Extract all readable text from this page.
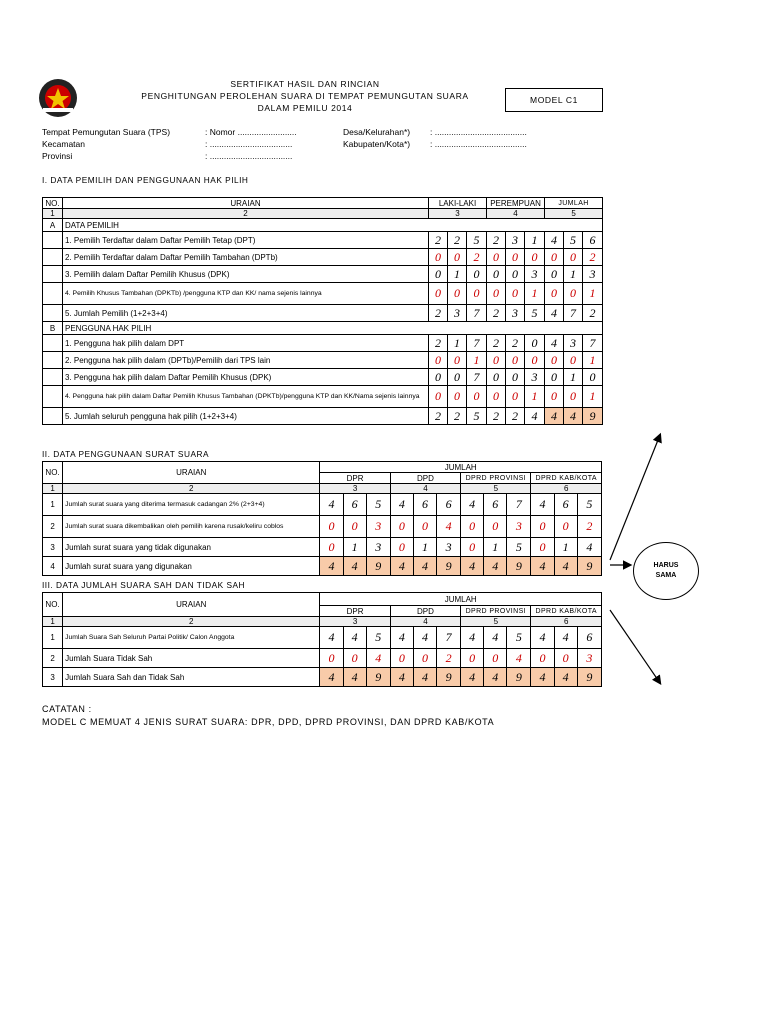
SERTIFIKAT HASIL DAN RINCIAN
PENGHITUNGAN PEROLEHAN SUARA DI TEMPAT PEMUNGUTAN SUARA
DALAM PEMILU 2014
MODEL C1
Tempat Pemungutan Suara (TPS)	: Nomor .........................
Kecamatan	: ...................................
Provinsi	: ...................................
Desa/Kelurahan*) : .......................................
Kabupaten/Kota*) : .......................................
I. DATA PEMILIH DAN PENGGUNAAN HAK PILIH
NO.	URAIAN	LAKI-LAKI			PEREMPUAN			JUMLAH		
1	2	3			4			5		
A	DATA PEMILIH									
	1. Pemilih Terdaftar dalam Daftar Pemilih Tetap (DPT)	2	2	5	2	3	1	4	5	6
	2. Pemilih Terdaftar dalam Daftar Pemilih Tambahan (DPTb)	0	0	2	0	0	0	0	0	2
	3. Pemilih dalam Daftar Pemilih Khusus (DPK)	0	1	0	0	0	3	0	1	3
	4. Pemilih Khusus Tambahan (DPKTb) /pengguna KTP dan KK/ nama sejenis lainnya	0	0	0	0	0	1	0	0	1
	5. Jumlah Pemilih (1+2+3+4)	2	3	7	2	3	5	4	7	2
B	PENGGUNA HAK PILIH									
	1. Pengguna hak pilih dalam DPT	2	1	7	2	2	0	4	3	7
	2. Pengguna hak pilih dalam (DPTb)/Pemilih dari TPS lain	0	0	1	0	0	0	0	0	1
	3. Pengguna hak pilih dalam Daftar Pemilih Khusus (DPK)	0	0	7	0	0	3	0	1	0
	4. Pengguna hak pilih dalam Daftar Pemilih Khusus Tambahan (DPKTb)/pengguna KTP dan KK/Nama sejenis lainnya	0	0	0	0	0	1	0	0	1
	5. Jumlah seluruh pengguna hak pilih (1+2+3+4)	2	2	5	2	2	4	4	4	9
II. DATA PENGGUNAAN SURAT SUARA
NO.	URAIAN	JUMLAH											
		DPR			DPD			DPRD PROVINSI			DPRD KAB/KOTA		
1	2	3			4			5			6		
1	Jumlah surat suara yang diterima termasuk cadangan 2% (2+3+4)	4	6	5	4	6	6	4	6	7	4	6	5
2	Jumlah surat suara dikembalikan oleh pemilih karena rusak/keliru coblos	0	0	3	0	0	4	0	0	3	0	0	2
3	Jumlah surat suara yang tidak digunakan	0	1	3	0	1	3	0	1	5	0	1	4
4	Jumlah surat suara yang digunakan	4	4	9	4	4	9	4	4	9	4	4	9
III. DATA JUMLAH SUARA SAH DAN TIDAK SAH
NO.	URAIAN	JUMLAH											
		DPR			DPD			DPRD PROVINSI			DPRD KAB/KOTA		
1	2	3			4			5			6		
1	Jumlah Suara Sah Seluruh Partai Politik/ Calon Anggota	4	4	5	4	4	7	4	4	5	4	4	6
2	Jumlah Suara Tidak Sah	0	0	4	0	0	2	0	0	4	0	0	3
3	Jumlah Suara Sah dan Tidak Sah	4	4	9	4	4	9	4	4	9	4	4	9
HARUS
SAMA
CATATAN :
MODEL C MEMUAT 4 JENIS SURAT SUARA: DPR, DPD, DPRD PROVINSI, DAN DPRD KAB/KOTA
